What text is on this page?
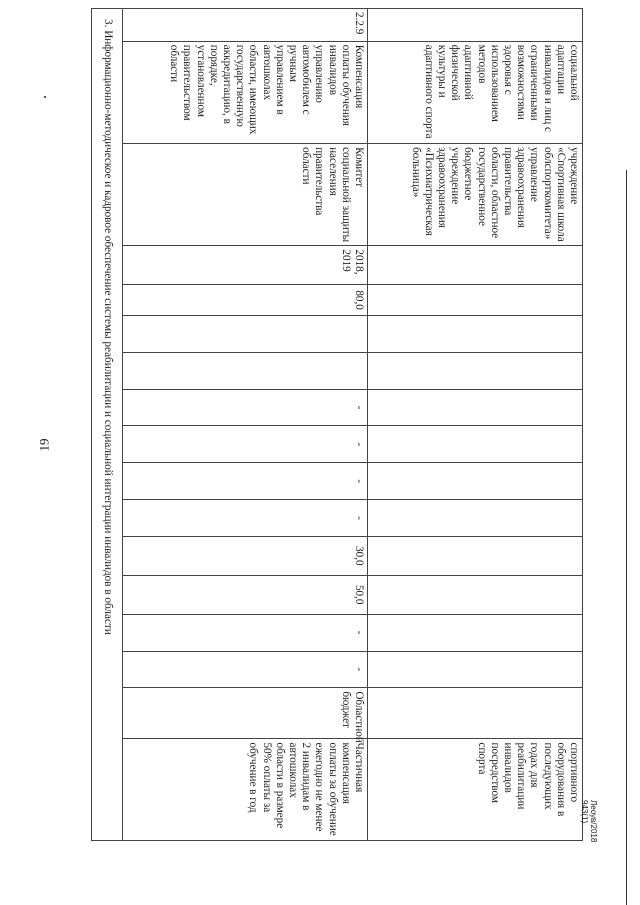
19
	социальной адаптации инвалидов и лиц с ограниченными возможностями здоровья с использованием методов адаптивной физической культуры и адаптивного спорта	учреждение «Спортивная школа облспорткомитета» управление здравоохранения правительства области, областное государственное бюджетное учреждение здравоохранения «Психиатрическая больница»														спортивного оборудования в последующих годах для реабилитации инвалидов посредством спорта
2.2.9	Компенсация оплаты обучения инвалидов управлению автомобилем с ручным управлением в автошколах области, имеющих государственную аккредитацию, в порядке, установленном правительством области	Комитет социальной защиты населения правительства области	2018, 2019	80,0			-	-	-	-	30,0	50,0	-	-	Областной бюджет	Частичная компенсация оплаты за обучение ежегодно не менее 2 инвалидам в автошколах области в размере 50% оплаты за обучение в год
3. Информационно-методическое и кадровое обеспечение системы реабилитации и социальной интеграции инвалидов в области																
Леоув/2018 943(1)
